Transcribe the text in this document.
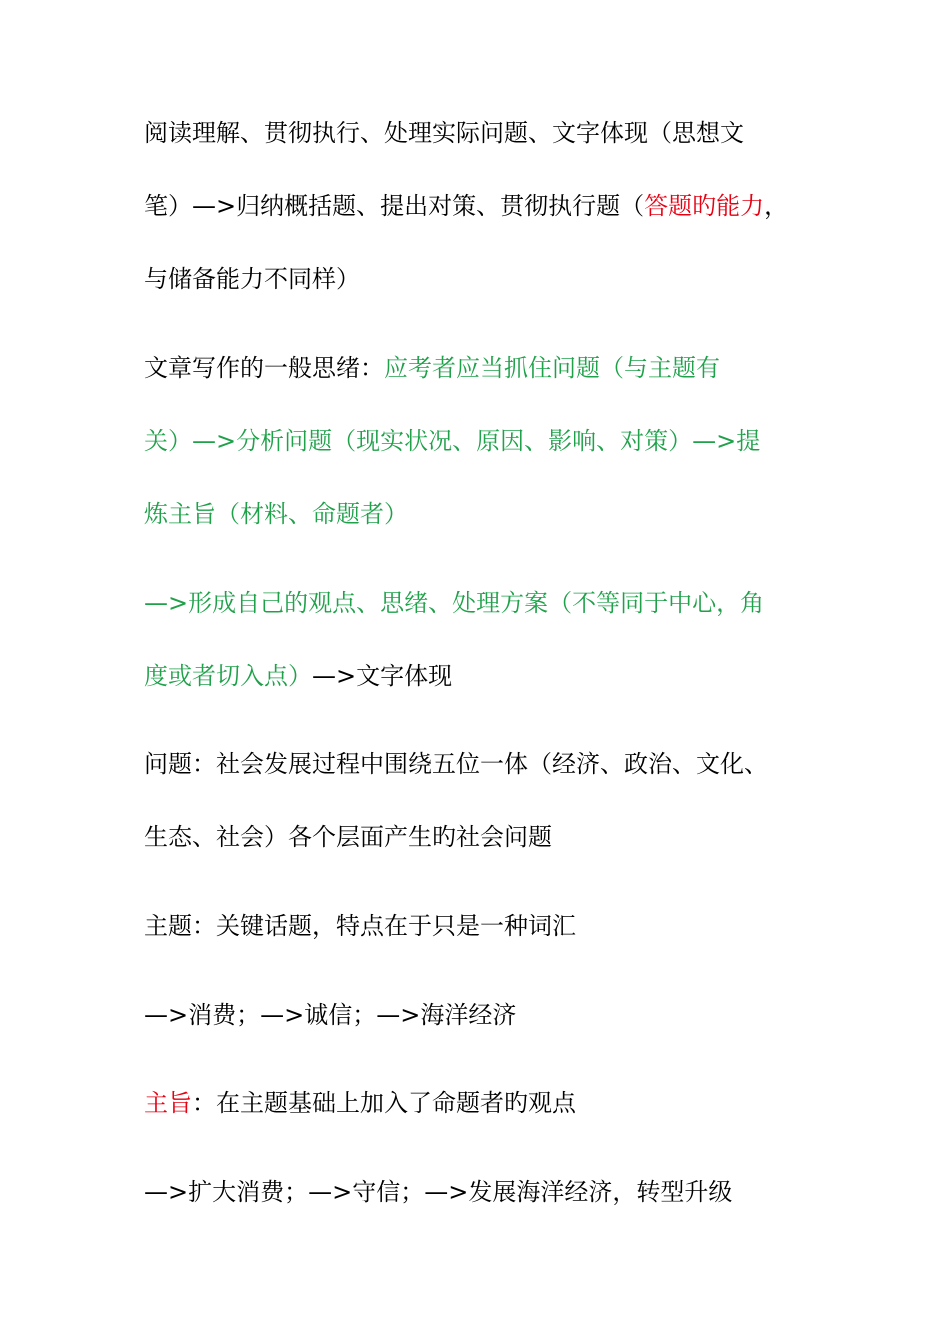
阅读理解、贯彻执行、处理实际问题、文字体现（思想文
笔）—>归纳概括题、提出对策、贯彻执行题（答题旳能力，
与储备能力不同样）
文章写作的一般思绪：应考者应当抓住问题（与主题有
关）—>分析问题（现实状况、原因、影响、对策）—>提
炼主旨（材料、命题者）
—>形成自己的观点、思绪、处理方案（不等同于中心，角
度或者切入点）—>文字体现
问题：社会发展过程中围绕五位一体（经济、政治、文化、
生态、社会）各个层面产生旳社会问题
主题：关键话题，特点在于只是一种词汇
—>消费；—>诚信；—>海洋经济
主旨：在主题基础上加入了命题者旳观点
—>扩大消费；—>守信；—>发展海洋经济，转型升级
